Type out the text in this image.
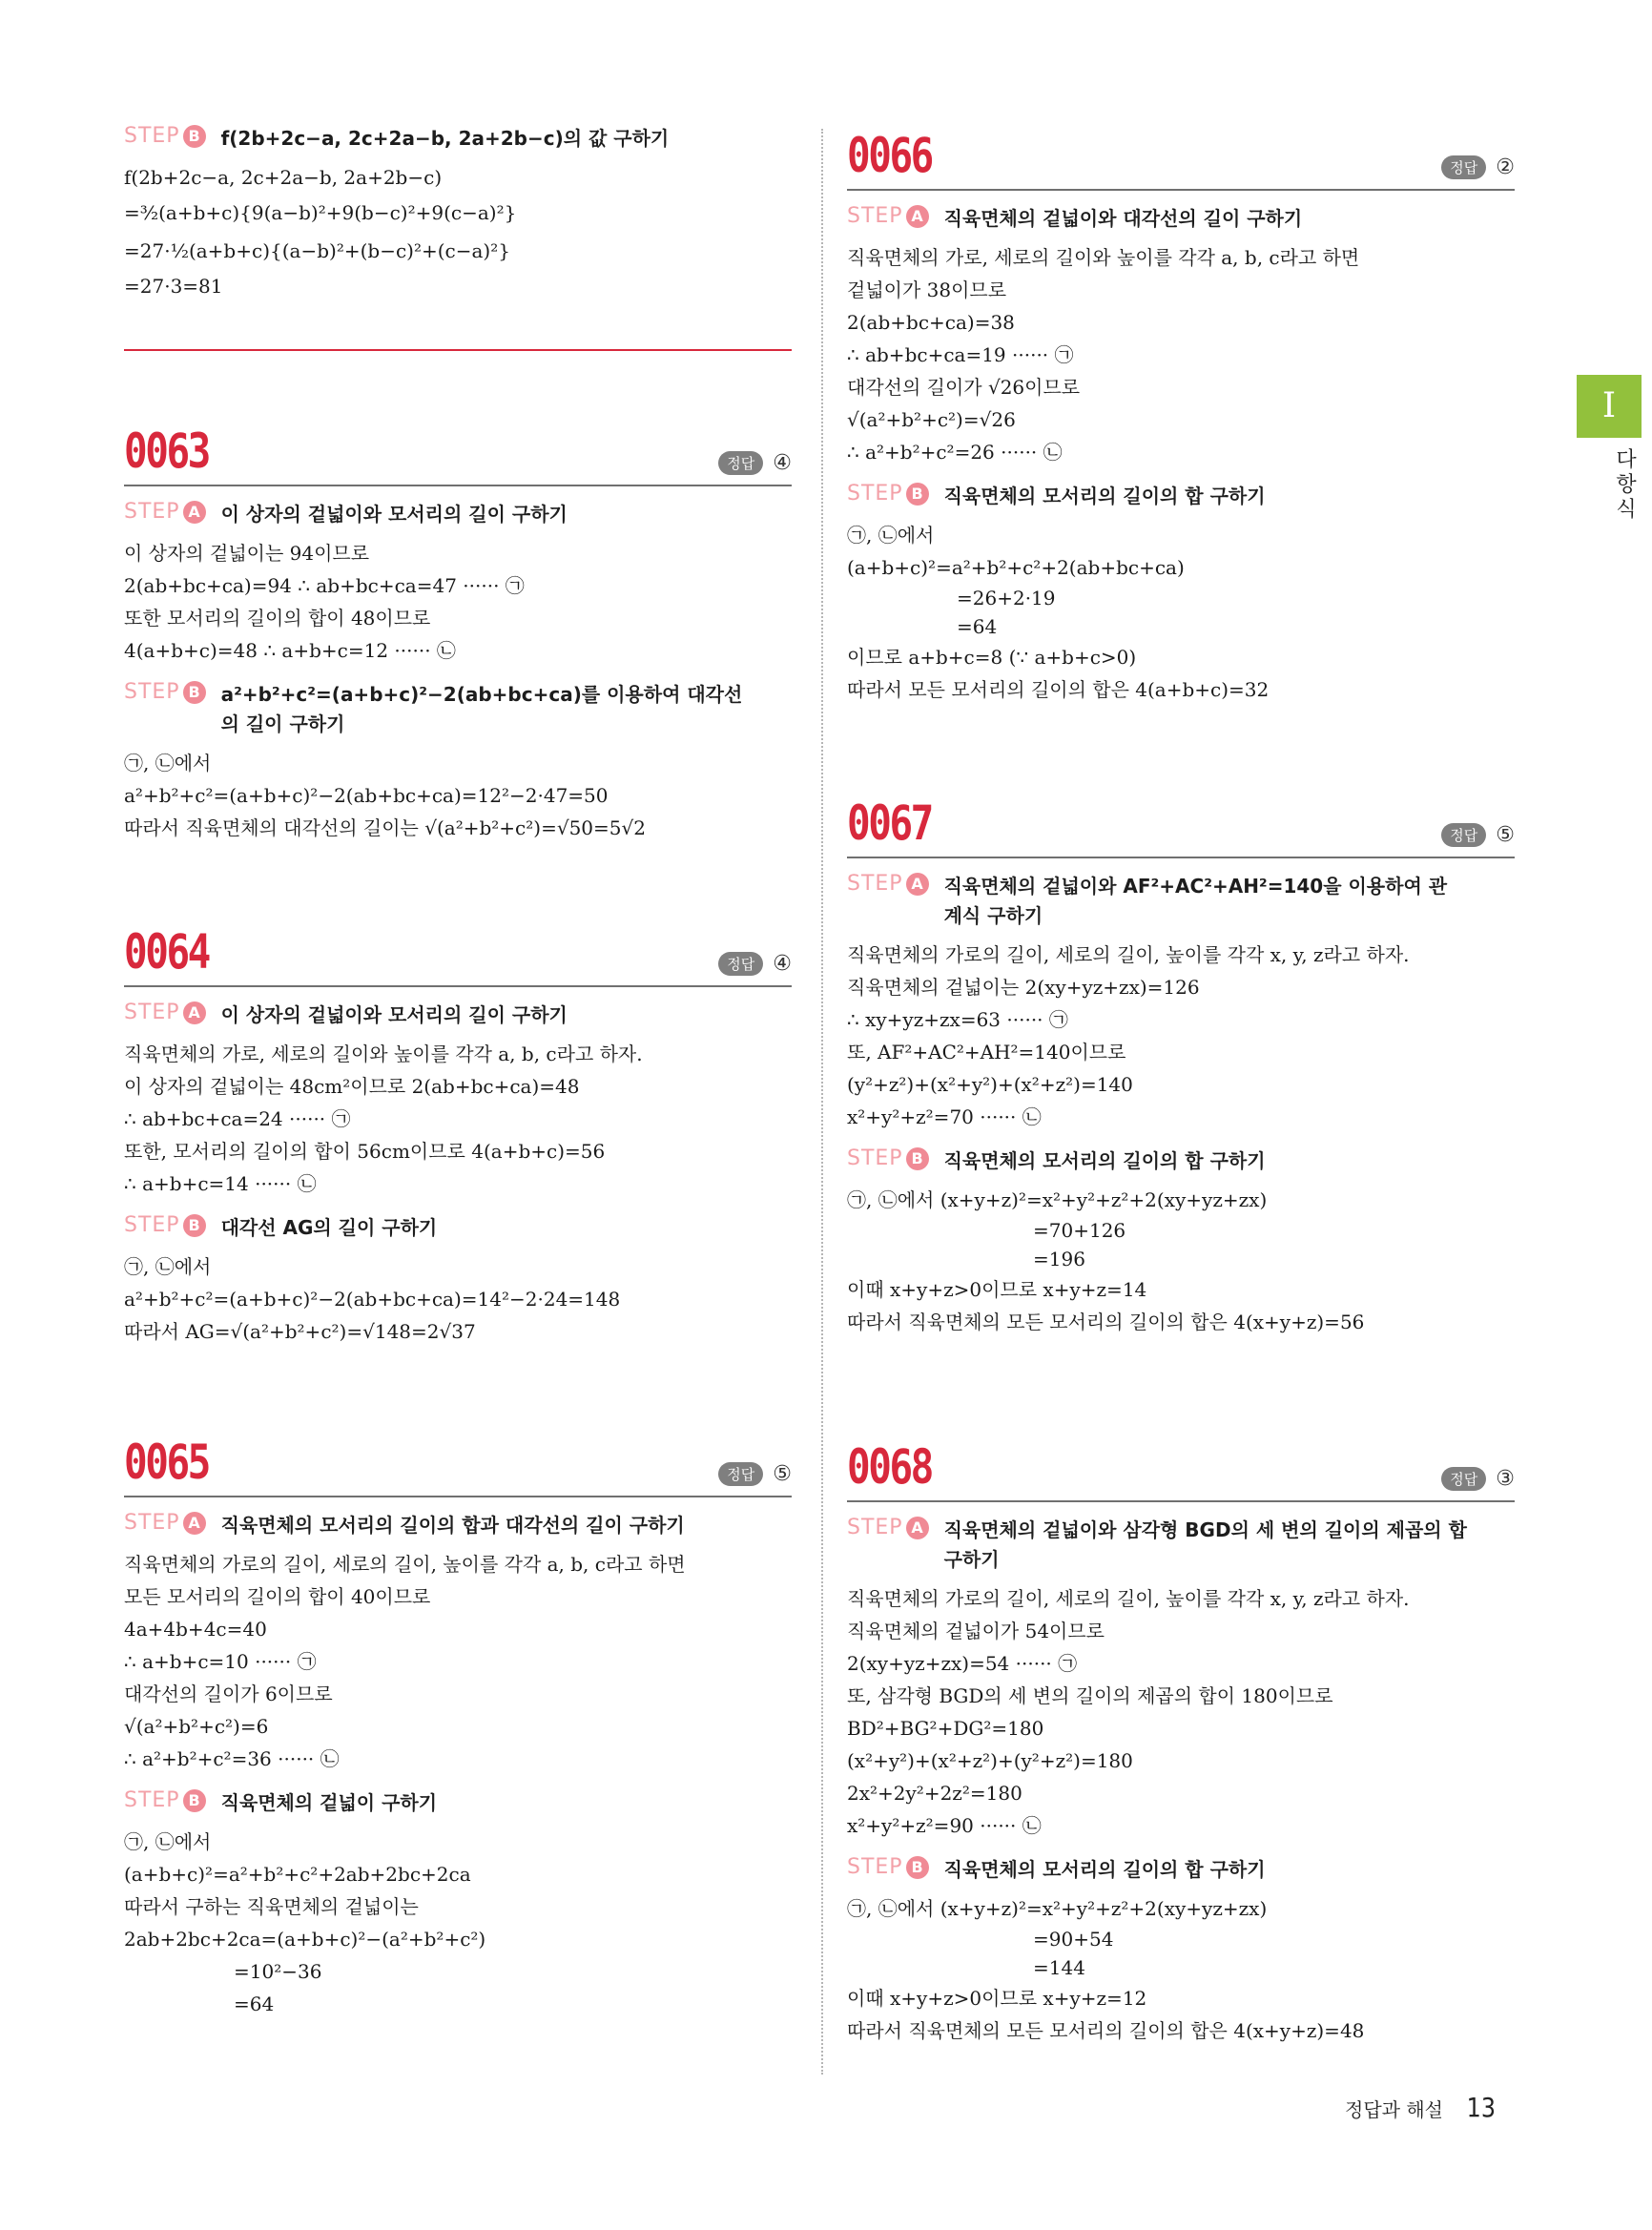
STEP B f(2b+2c−a, 2c+2a−b, 2a+2b−c)의 값 구하기
f(2b+2c−a, 2c+2a−b, 2a+2b−c)
=³⁄₂(a+b+c){9(a−b)²+9(b−c)²+9(c−a)²}
=27·½(a+b+c){(a−b)²+(b−c)²+(c−a)²}
=27·3=81
0063	정답 ④
STEP A 이 상자의 겉넓이와 모서리의 길이 구하기
이 상자의 겉넓이는 94이므로
2(ab+bc+ca)=94 ∴ ab+bc+ca=47 ······ ㉠
또한 모서리의 길이의 합이 48이므로
4(a+b+c)=48 ∴ a+b+c=12 ······ ㉡
STEP B a²+b²+c²=(a+b+c)²−2(ab+bc+ca)를 이용하여 대각선의 길이 구하기
㉠, ㉡에서
a²+b²+c²=(a+b+c)²−2(ab+bc+ca)=12²−2·47=50
따라서 직육면체의 대각선의 길이는 √(a²+b²+c²)=√50=5√2
0064	정답 ④
STEP A 이 상자의 겉넓이와 모서리의 길이 구하기
직육면체의 가로, 세로의 길이와 높이를 각각 a, b, c라고 하자.
이 상자의 겉넓이는 48cm²이므로 2(ab+bc+ca)=48
∴ ab+bc+ca=24 ······ ㉠
또한, 모서리의 길이의 합이 56cm이므로 4(a+b+c)=56
∴ a+b+c=14 ······ ㉡
STEP B 대각선 AG의 길이 구하기
㉠, ㉡에서
a²+b²+c²=(a+b+c)²−2(ab+bc+ca)=14²−2·24=148
따라서 AG=√(a²+b²+c²)=√148=2√37
0065	정답 ⑤
STEP A 직육면체의 모서리의 길이의 합과 대각선의 길이 구하기
직육면체의 가로의 길이, 세로의 길이, 높이를 각각 a, b, c라고 하면
모든 모서리의 길이의 합이 40이므로
4a+4b+4c=40
∴ a+b+c=10 ······ ㉠
대각선의 길이가 6이므로
√(a²+b²+c²)=6
∴ a²+b²+c²=36 ······ ㉡
STEP B 직육면체의 겉넓이 구하기
㉠, ㉡에서
(a+b+c)²=a²+b²+c²+2ab+2bc+2ca
따라서 구하는 직육면체의 겉넓이는
2ab+2bc+2ca=(a+b+c)²−(a²+b²+c²)
=10²−36
=64
0066	정답 ②
STEP A 직육면체의 겉넓이와 대각선의 길이 구하기
직육면체의 가로, 세로의 길이와 높이를 각각 a, b, c라고 하면
겉넓이가 38이므로
2(ab+bc+ca)=38
∴ ab+bc+ca=19 ······ ㉠
대각선의 길이가 √26이므로
√(a²+b²+c²)=√26
∴ a²+b²+c²=26 ······ ㉡
STEP B 직육면체의 모서리의 길이의 합 구하기
㉠, ㉡에서
(a+b+c)²=a²+b²+c²+2(ab+bc+ca)
=26+2·19
=64
이므로 a+b+c=8 (∵ a+b+c>0)
따라서 모든 모서리의 길이의 합은 4(a+b+c)=32
0067	정답 ⑤
STEP A 직육면체의 겉넓이와 AF²+AC²+AH²=140을 이용하여 관계식 구하기
직육면체의 가로의 길이, 세로의 길이, 높이를 각각 x, y, z라고 하자.
직육면체의 겉넓이는 2(xy+yz+zx)=126
∴ xy+yz+zx=63 ······ ㉠
또, AF²+AC²+AH²=140이므로
(y²+z²)+(x²+y²)+(x²+z²)=140
x²+y²+z²=70 ······ ㉡
STEP B 직육면체의 모서리의 길이의 합 구하기
㉠, ㉡에서 (x+y+z)²=x²+y²+z²+2(xy+yz+zx)
=70+126
=196
이때 x+y+z>0이므로 x+y+z=14
따라서 직육면체의 모든 모서리의 길이의 합은 4(x+y+z)=56
0068	정답 ③
STEP A 직육면체의 겉넓이와 삼각형 BGD의 세 변의 길이의 제곱의 합 구하기
직육면체의 가로의 길이, 세로의 길이, 높이를 각각 x, y, z라고 하자.
직육면체의 겉넓이가 54이므로
2(xy+yz+zx)=54 ······ ㉠
또, 삼각형 BGD의 세 변의 길이의 제곱의 합이 180이므로
BD²+BG²+DG²=180
(x²+y²)+(x²+z²)+(y²+z²)=180
2x²+2y²+2z²=180
x²+y²+z²=90 ······ ㉡
STEP B 직육면체의 모서리의 길이의 합 구하기
㉠, ㉡에서 (x+y+z)²=x²+y²+z²+2(xy+yz+zx)
=90+54
=144
이때 x+y+z>0이므로 x+y+z=12
따라서 직육면체의 모든 모서리의 길이의 합은 4(x+y+z)=48
I
다항식
정답과 해설 13
